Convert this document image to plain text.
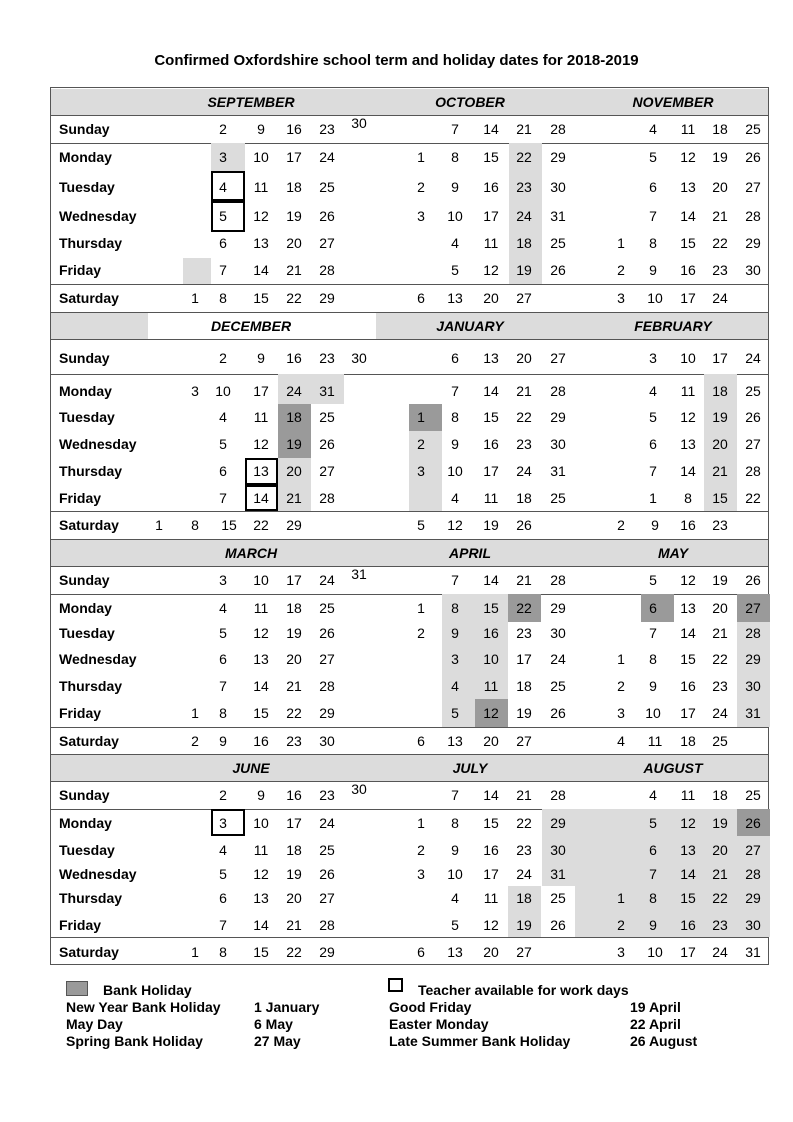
Confirmed Oxfordshire school term and holiday dates for 2018-2019
SEPTEMBER	OCTOBER	NOVEMBER
Sunday	2 9 16 23 30	7 14 21 28	4 11 18 25
Monday	3 10 17 24	1 8 15 22 29	5 12 19 26
Tuesday	4 11 18 25	2 9 16 23 30	6 13 20 27
Wednesday	5 12 19 26	3 10 17 24 31	7 14 21 28
Thursday	6 13 20 27	4 11 18 25	1 8 15 22 29
Friday	7 14 21 28	5 12 19 26	2 9 16 23 30
Saturday	1 8 15 22 29	6 13 20 27	3 10 17 24
DECEMBER	JANUARY	FEBRUARY
Sunday	2 9 16 23 30	6 13 20 27	3 10 17 24
Monday	3 10 17 24 31	7 14 21 28	4 11 18 25
Tuesday	4 11 18 25	1 8 15 22 29	5 12 19 26
Wednesday	5 12 19 26	2 9 16 23 30	6 13 20 27
Thursday	6 13 20 27	3 10 17 24 31	7 14 21 28
Friday	7 14 21 28	4 11 18 25	1 8 15 22
Saturday	1 8 15 22 29	5 12 19 26	2 9 16 23
MARCH	APRIL	MAY
Sunday	3 10 17 24 31	7 14 21 28	5 12 19 26
Monday	4 11 18 25	1 8 15 22 29	6 13 20 27
Tuesday	5 12 19 26	2 9 16 23 30	7 14 21 28
Wednesday	6 13 20 27	3 10 17 24	1 8 15 22 29
Thursday	7 14 21 28	4 11 18 25	2 9 16 23 30
Friday	1 8 15 22 29	5 12 19 26	3 10 17 24 31
Saturday	2 9 16 23 30	6 13 20 27	4 11 18 25
JUNE	JULY	AUGUST
Sunday	2 9 16 23 30	7 14 21 28	4 11 18 25
Monday	3 10 17 24	1 8 15 22 29	5 12 19 26
Tuesday	4 11 18 25	2 9 16 23 30	6 13 20 27
Wednesday	5 12 19 26	3 10 17 24 31	7 14 21 28
Thursday	6 13 20 27	4 11 18 25	1 8 15 22 29
Friday	7 14 21 28	5 12 19 26	2 9 16 23 30
Saturday	1 8 15 22 29	6 13 20 27	3 10 17 24 31
Bank Holiday	Teacher available for work days
New Year Bank Holiday 1 January
May Day	6 May
Spring Bank Holiday	27 May
Good Friday	19 April
Easter Monday	22 April
Late Summer Bank Holiday	26 August
